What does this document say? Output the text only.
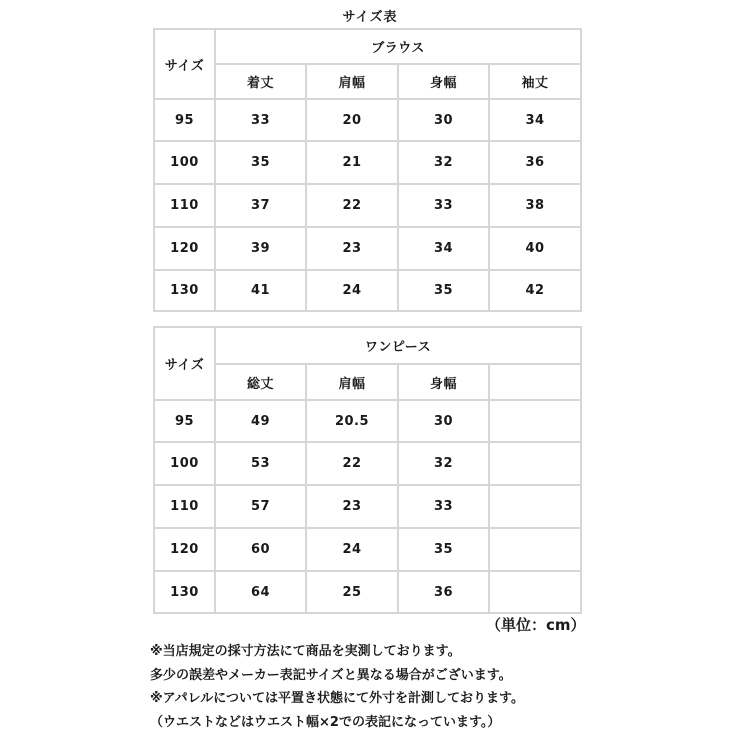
サイズ表
サイズ	ブラウス			
	着丈	肩幅	身幅	袖丈
95	33	20	30	34
100	35	21	32	36
110	37	22	33	38
120	39	23	34	40
130	41	24	35	42
サイズ	ワンピース			
	総丈	肩幅	身幅	
95	49	20.5	30	
100	53	22	32	
110	57	23	33	
120	60	24	35	
130	64	25	36	
（単位：cm）
※当店規定の採寸方法にて商品を実測しております。
多少の誤差やメーカー表記サイズと異なる場合がございます。
※アパレルについては平置き状態にて外寸を計測しております。
（ウエストなどはウエスト幅×2での表記になっています。）
